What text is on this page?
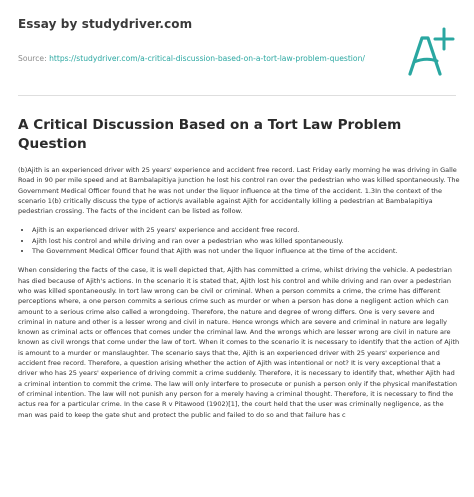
Essay by studydriver.com
Source: https://studydriver.com/a-critical-discussion-based-on-a-tort-law-problem-question/
A Critical Discussion Based on a Tort Law Problem Question

(b)Ajith is an experienced driver with 25 years' experience and accident free record. Last Friday early morning he was driving in Galle Road in 90 per mile speed and at Bambalapitiya junction he lost his control ran over the pedestrian who was killed spontaneously. The Government Medical Officer found that he was not under the liquor influence at the time of the accident. 1.3In the context of the scenario 1(b) critically discuss the type of action/s available against Ajith for accidentally killing a pedestrian at Bambalapitiya pedestrian crossing. The facts of the incident can be listed as follow.

• Ajith is an experienced driver with 25 years' experience and accident free record.
• Ajith lost his control and while driving and ran over a pedestrian who was killed spontaneously.
• The Government Medical Officer found that Ajith was not under the liquor influence at the time of the accident.

When considering the facts of the case, it is well depicted that, Ajith has committed a crime, whilst driving the vehicle. A pedestrian has died because of Ajith's actions. In the scenario it is stated that, Ajith lost his control and while driving and ran over a pedestrian who was killed spontaneously. In tort law wrong can be civil or criminal. When a person commits a crime, the crime has different perceptions where, a one person commits a serious crime such as murder or when a person has done a negligent action which can amount to a serious crime also called a wrongdoing. Therefore, the nature and degree of wrong differs. One is very severe and criminal in nature and other is a lesser wrong and civil in nature. Hence wrongs which are severe and criminal in nature are legally known as criminal acts or offences that comes under the criminal law. And the wrongs which are lesser wrong are civil in nature are known as civil wrongs that come under the law of tort. When it comes to the scenario it is necessary to identify that the action of Ajith is amount to a murder or manslaughter. The scenario says that the, Ajith is an experienced driver with 25 years' experience and accident free record. Therefore, a question arising whether the action of Ajith was intentional or not? It is very exceptional that a driver who has 25 years' experience of driving commit a crime suddenly. Therefore, it is necessary to identify that, whether Ajith had a criminal intention to commit the crime. The law will only interfere to prosecute or punish a person only if the physical manifestation of criminal intention. The law will not punish any person for a merely having a criminal thought. Therefore, it is necessary to find the actus rea for a particular crime. In the case R v Pitawood (1902)[1], the court held that the user was criminally negligence, as the man was paid to keep the gate shut and protect the public and failed to do so and that failure has c
